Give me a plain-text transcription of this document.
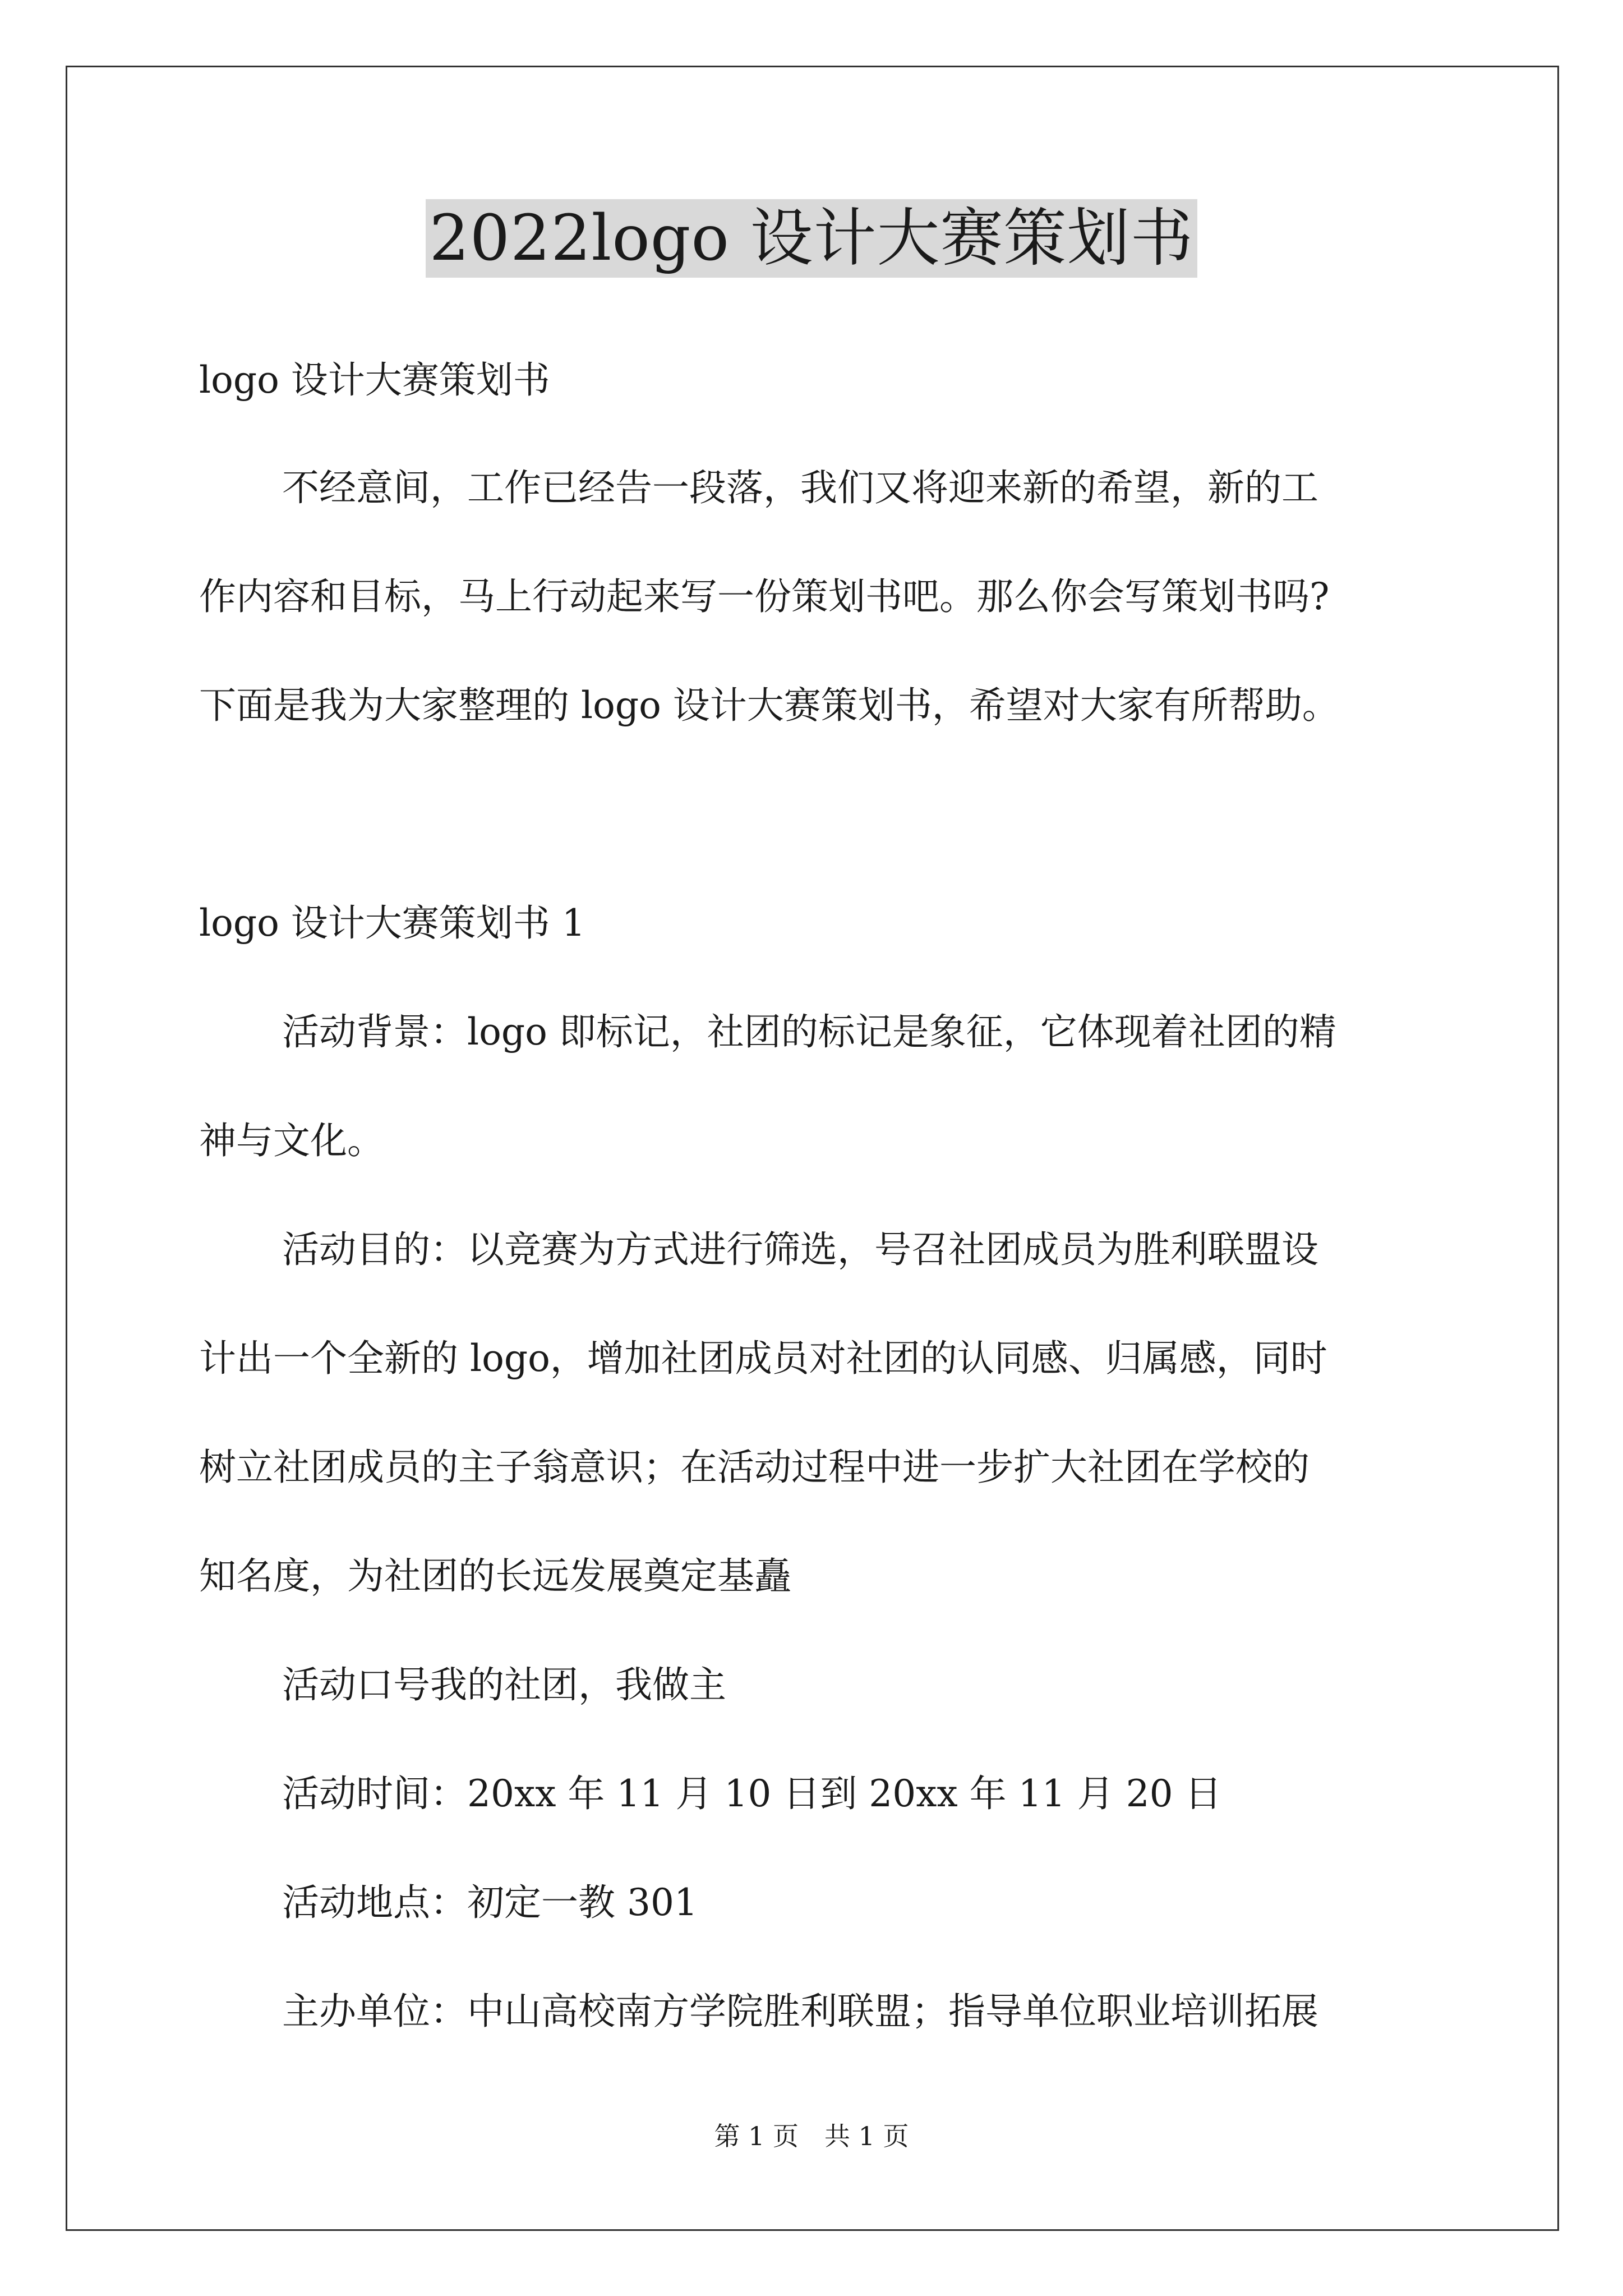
2022logo 设计大赛策划书

logo 设计大赛策划书

不经意间，工作已经告一段落，我们又将迎来新的希望，新的工
作内容和目标，马上行动起来写一份策划书吧。那么你会写策划书吗?
下面是我为大家整理的 logo 设计大赛策划书，希望对大家有所帮助。

logo 设计大赛策划书 1

活动背景：logo 即标记，社团的标记是象征，它体现着社团的精
神与文化。
活动目的：以竞赛为方式进行筛选，号召社团成员为胜利联盟设
计出一个全新的 logo，增加社团成员对社团的认同感、归属感，同时
树立社团成员的主子翁意识；在活动过程中进一步扩大社团在学校的
知名度，为社团的长远发展奠定基矗

活动口号我的社团，我做主

活动时间：20xx 年 11 月 10 日到 20xx 年 11 月 20 日

活动地点：初定一教 301

主办单位：中山高校南方学院胜利联盟；指导单位职业培训拓展

第 1 页　共 1 页
